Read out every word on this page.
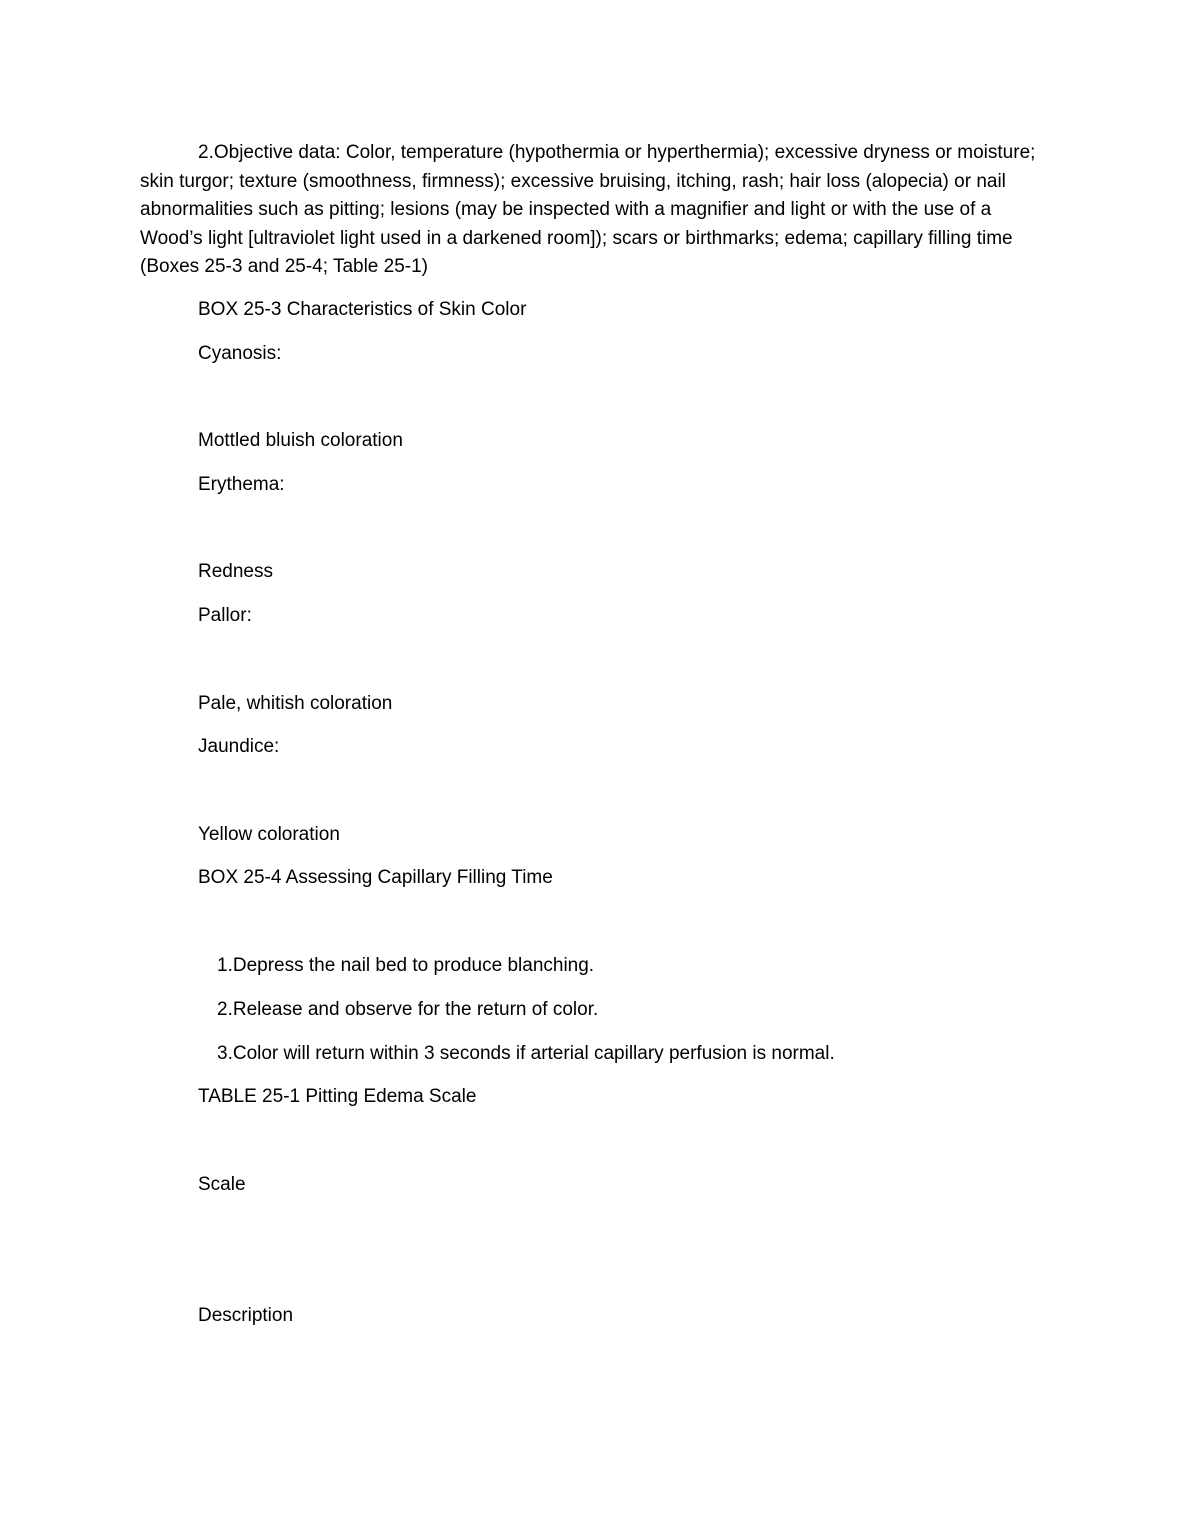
2.Objective data: Color, temperature (hypothermia or hyperthermia); excessive dryness or moisture; skin turgor; texture (smoothness, firmness); excessive bruising, itching, rash; hair loss (alopecia) or nail abnormalities such as pitting; lesions (may be inspected with a magnifier and light or with the use of a Wood’s light [ultraviolet light used in a darkened room]); scars or birthmarks; edema; capillary filling time (Boxes 25-3 and 25-4; Table 25-1)

BOX 25-3 Characteristics of Skin Color

Cyanosis:

Mottled bluish coloration

Erythema:

Redness

Pallor:

Pale, whitish coloration

Jaundice:

Yellow coloration

BOX 25-4 Assessing Capillary Filling Time

1.Depress the nail bed to produce blanching.

2.Release and observe for the return of color.

3.Color will return within 3 seconds if arterial capillary perfusion is normal.

TABLE 25-1 Pitting Edema Scale

Scale

Description
